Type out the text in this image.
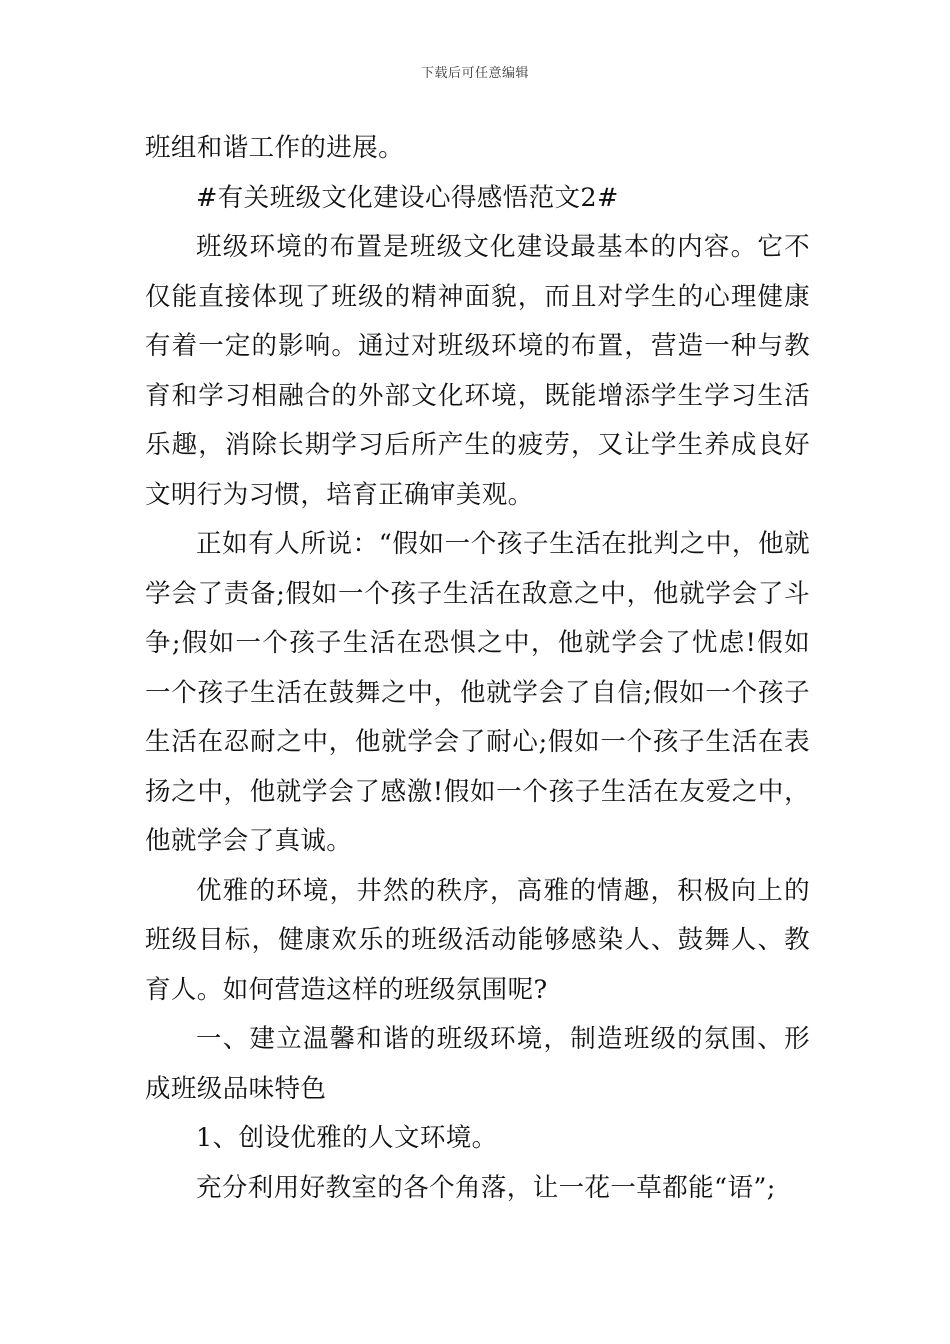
下载后可任意编辑

班组和谐工作的进展。

#有关班级文化建设心得感悟范文2#

班级环境的布置是班级文化建设最基本的内容。它不仅能直接体现了班级的精神面貌，而且对学生的心理健康有着一定的影响。通过对班级环境的布置，营造一种与教育和学习相融合的外部文化环境，既能增添学生学习生活乐趣，消除长期学习后所产生的疲劳，又让学生养成良好文明行为习惯，培育正确审美观。

正如有人所说：“假如一个孩子生活在批判之中，他就学会了责备;假如一个孩子生活在敌意之中，他就学会了斗争;假如一个孩子生活在恐惧之中，他就学会了忧虑!假如一个孩子生活在鼓舞之中，他就学会了自信;假如一个孩子生活在忍耐之中，他就学会了耐心;假如一个孩子生活在表扬之中，他就学会了感激!假如一个孩子生活在友爱之中，他就学会了真诚。

优雅的环境，井然的秩序，高雅的情趣，积极向上的班级目标，健康欢乐的班级活动能够感染人、鼓舞人、教育人。如何营造这样的班级氛围呢?

一、建立温馨和谐的班级环境，制造班级的氛围、形成班级品味特色

1、创设优雅的人文环境。

充分利用好教室的各个角落，让一花一草都能“语”;
